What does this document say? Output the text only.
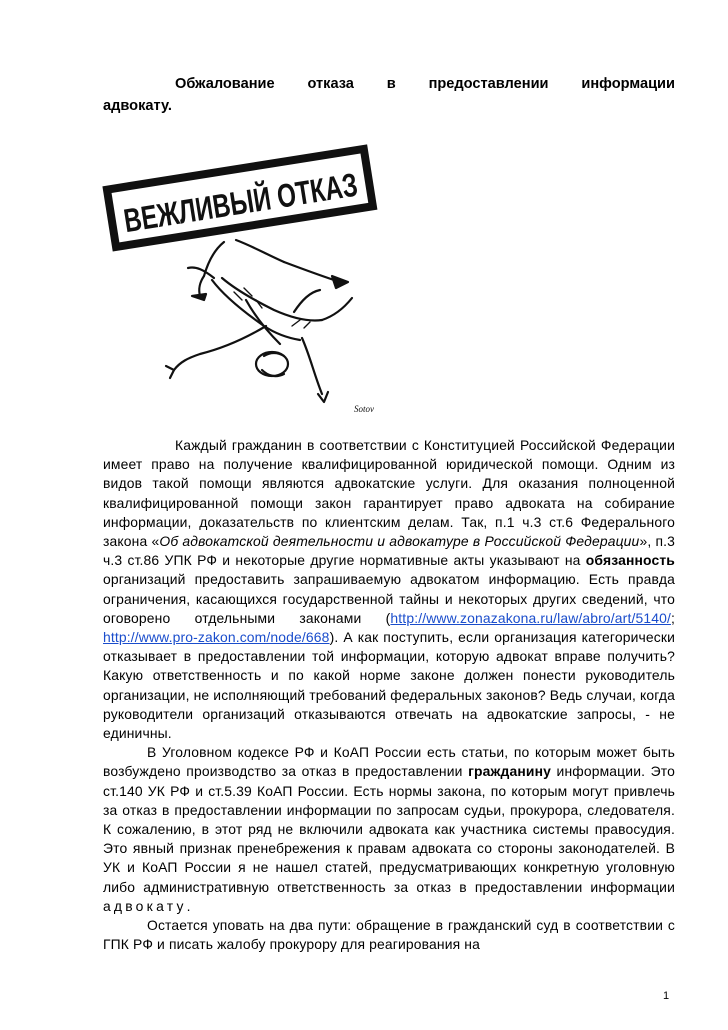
Обжалование отказа в предоставлении информации адвокату.
ВЕЖЛИВЫЙ ОТКАЗ
Sotov

Каждый гражданин в соответствии с Конституцией Российской Федерации имеет право на получение квалифицированной юридической помощи. Одним из видов такой помощи являются адвокатские услуги. Для оказания полноценной квалифицированной помощи закон гарантирует право адвоката на собирание информации, доказательств по клиентским делам. Так, п.1 ч.3 ст.6 Федерального закона «Об адвокатской деятельности и адвокатуре в Российской Федерации», п.3 ч.3 ст.86 УПК РФ и некоторые другие нормативные акты указывают на обязанность организаций предоставить запрашиваемую адвокатом информацию. Есть правда ограничения, касающихся государственной тайны и некоторых других сведений, что оговорено отдельными законами (http://www.zonazakona.ru/law/abro/art/5140/; http://www.pro-zakon.com/node/668). А как поступить, если организация категорически отказывает в предоставлении той информации, которую адвокат вправе получить? Какую ответственность и по какой норме законе должен понести руководитель организации, не исполняющий требований федеральных законов? Ведь случаи, когда руководители организаций отказываются отвечать на адвокатские запросы, - не единичны.

В Уголовном кодексе РФ и КоАП России есть статьи, по которым может быть возбуждено производство за отказ в предоставлении гражданину информации. Это ст.140 УК РФ и ст.5.39 КоАП России. Есть нормы закона, по которым могут привлечь за отказ в предоставлении информации по запросам судьи, прокурора, следователя. К сожалению, в этот ряд не включили адвоката как участника системы правосудия. Это явный признак пренебрежения к правам адвоката со стороны законодателей. В УК и КоАП России я не нашел статей, предусматривающих конкретную уголовную либо административную ответственность за отказ в предоставлении информации адвокату.

Остается уповать на два пути: обращение в гражданский суд в соответствии с ГПК РФ и писать жалобу прокурору для реагирования на

1
